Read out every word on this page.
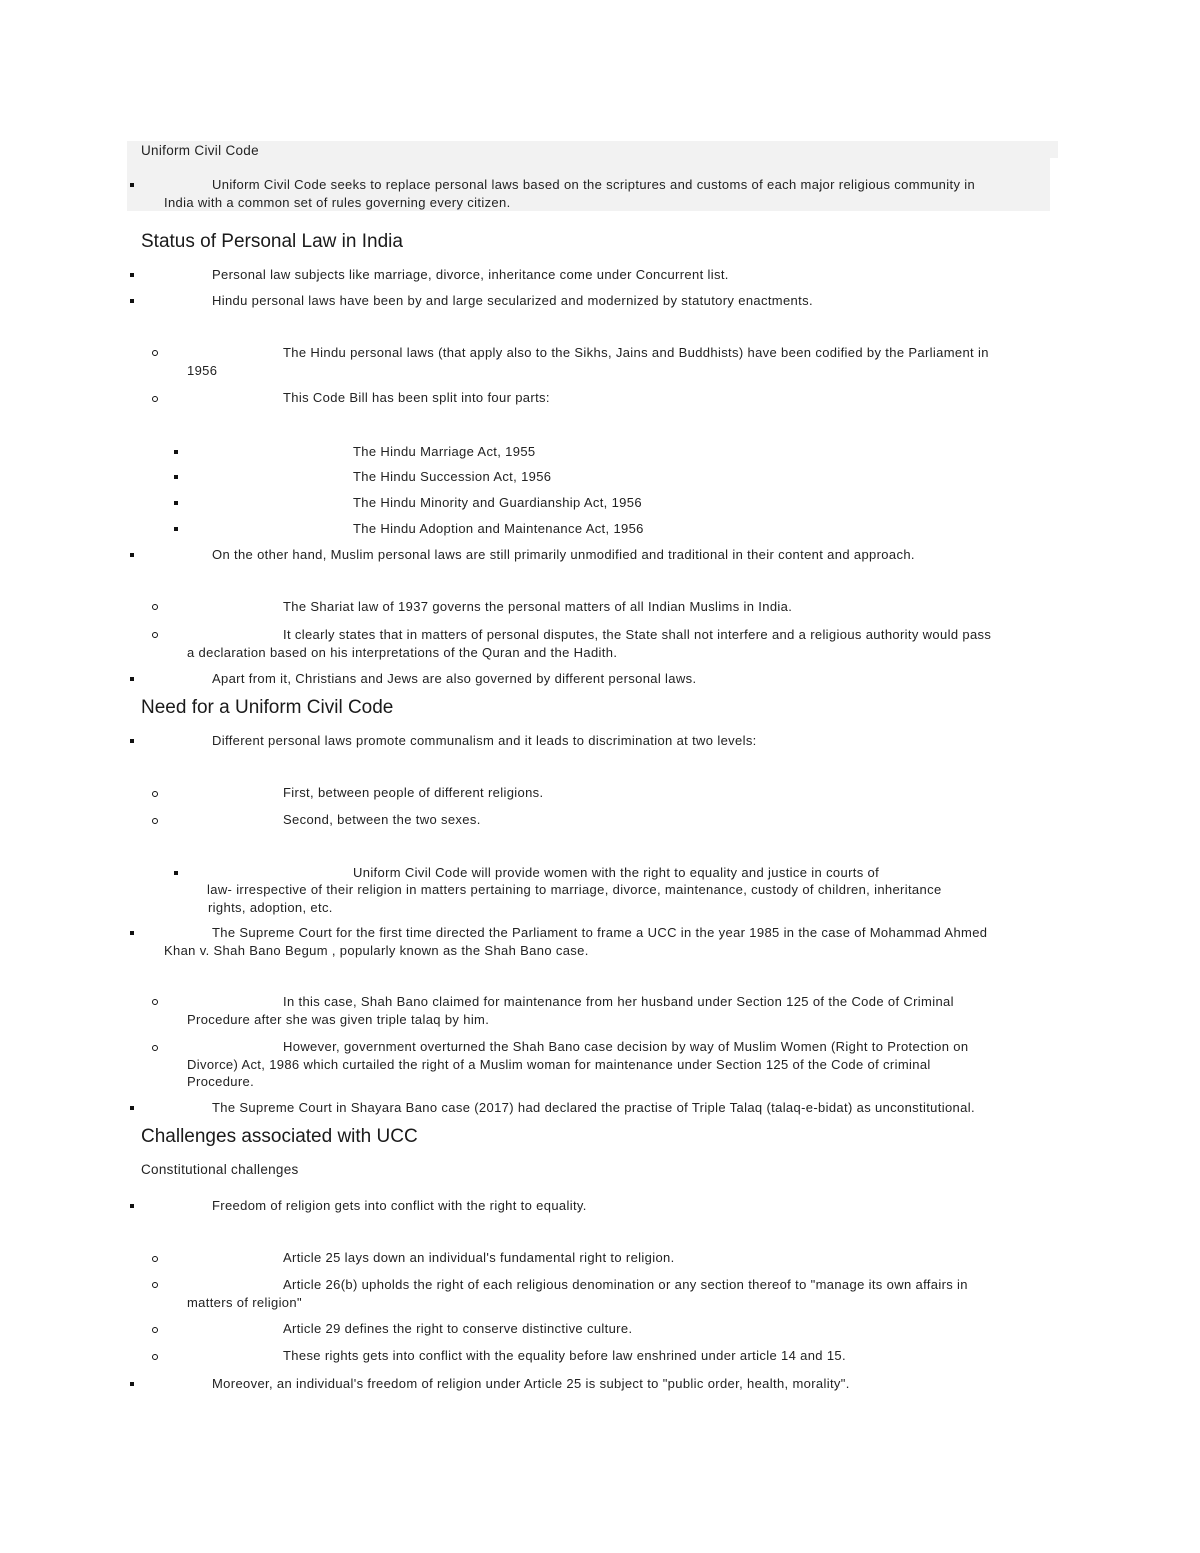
Uniform Civil Code
Uniform Civil Code seeks to replace personal laws based on the scriptures and customs of each major religious community in
India with a common set of rules governing every citizen.
Status of Personal Law in India
Personal law subjects like marriage, divorce, inheritance come under Concurrent list.
Hindu personal laws have been by and large secularized and modernized by statutory enactments.
The Hindu personal laws (that apply also to the Sikhs, Jains and Buddhists) have been codified by the Parliament in
1956
This Code Bill has been split into four parts:
The Hindu Marriage Act, 1955
The Hindu Succession Act, 1956
The Hindu Minority and Guardianship Act, 1956
The Hindu Adoption and Maintenance Act, 1956
On the other hand, Muslim personal laws are still primarily unmodified and traditional in their content and approach.
The Shariat law of 1937 governs the personal matters of all Indian Muslims in India.
It clearly states that in matters of personal disputes, the State shall not interfere and a religious authority would pass
a declaration based on his interpretations of the Quran and the Hadith.
Apart from it, Christians and Jews are also governed by different personal laws.
Need for a Uniform Civil Code
Different personal laws promote communalism and it leads to discrimination at two levels:
First, between people of different religions.
Second, between the two sexes.
Uniform Civil Code will provide women with the right to equality and justice in courts of
law- irrespective of their religion in matters pertaining to marriage, divorce, maintenance, custody of children, inheritance
rights, adoption, etc.
The Supreme Court for the first time directed the Parliament to frame a UCC in the year 1985 in the case of Mohammad Ahmed
Khan v. Shah Bano Begum , popularly known as the Shah Bano case.
In this case, Shah Bano claimed for maintenance from her husband under Section 125 of the Code of Criminal
Procedure after she was given triple talaq by him.
However, government overturned the Shah Bano case decision by way of Muslim Women (Right to Protection on
Divorce) Act, 1986 which curtailed the right of a Muslim woman for maintenance under Section 125 of the Code of criminal
Procedure.
The Supreme Court in Shayara Bano case (2017) had declared the practise of Triple Talaq (talaq-e-bidat) as unconstitutional.
Challenges associated with UCC
Constitutional challenges
Freedom of religion gets into conflict with the right to equality.
Article 25 lays down an individual's fundamental right to religion.
Article 26(b) upholds the right of each religious denomination or any section thereof to "manage its own affairs in
matters of religion"
Article 29 defines the right to conserve distinctive culture.
These rights gets into conflict with the equality before law enshrined under article 14 and 15.
Moreover, an individual's freedom of religion under Article 25 is subject to "public order, health, morality".
